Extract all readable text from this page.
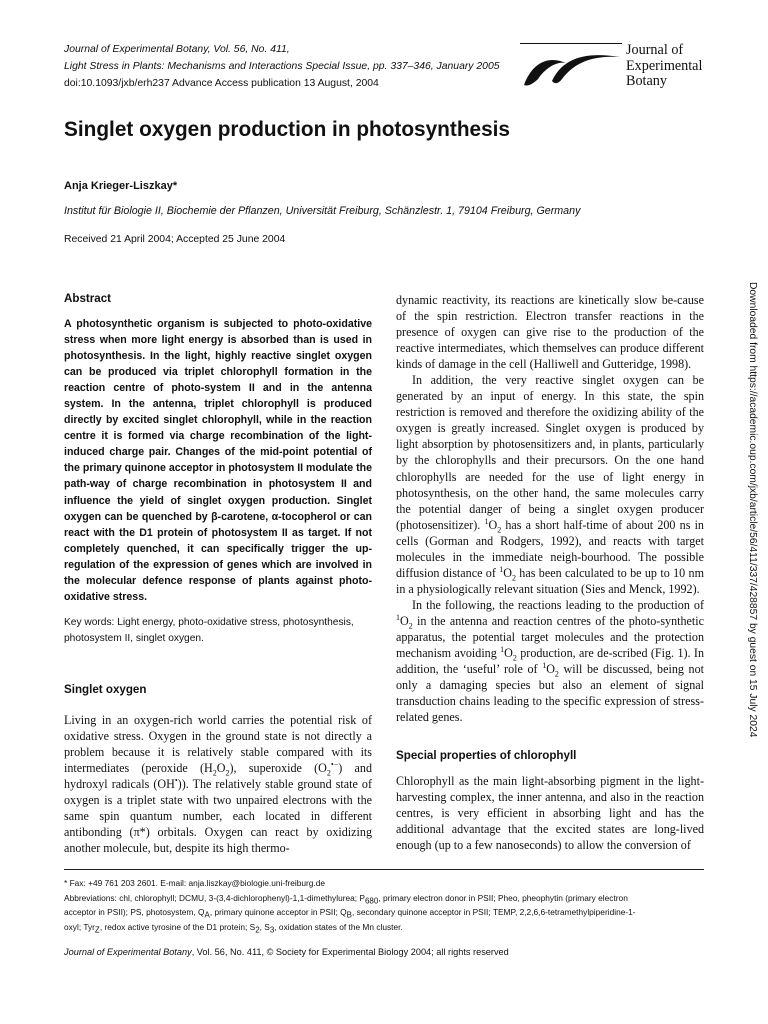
Journal of Experimental Botany, Vol. 56, No. 411,
Light Stress in Plants: Mechanisms and Interactions Special Issue, pp. 337–346, January 2005
doi:10.1093/jxb/erh237 Advance Access publication 13 August, 2004
Journal of
Experimental
Botany
Singlet oxygen production in photosynthesis
Anja Krieger-Liszkay*
Institut für Biologie II, Biochemie der Pflanzen, Universität Freiburg, Schänzlestr. 1, 79104 Freiburg, Germany
Received 21 April 2004; Accepted 25 June 2004
Abstract
A photosynthetic organism is subjected to photo-oxidative stress when more light energy is absorbed than is used in photosynthesis. In the light, highly reactive singlet oxygen can be produced via triplet chlorophyll formation in the reaction centre of photo-system II and in the antenna system. In the antenna, triplet chlorophyll is produced directly by excited singlet chlorophyll, while in the reaction centre it is formed via charge recombination of the light-induced charge pair. Changes of the mid-point potential of the primary quinone acceptor in photosystem II modulate the path-way of charge recombination in photosystem II and influence the yield of singlet oxygen production. Singlet oxygen can be quenched by β-carotene, α-tocopherol or can react with the D1 protein of photosystem II as target. If not completely quenched, it can specifically trigger the up-regulation of the expression of genes which are involved in the molecular defence response of plants against photo-oxidative stress.
Key words: Light energy, photo-oxidative stress, photosynthesis, photosystem II, singlet oxygen.
Singlet oxygen
Living in an oxygen-rich world carries the potential risk of oxidative stress. Oxygen in the ground state is not directly a problem because it is relatively stable compared with its intermediates (peroxide $(H_2O_2)$, superoxide $(O_2^{•-})$ and hydroxyl radicals (OH•)). The relatively stable ground state of oxygen is a triplet state with two unpaired electrons with the same spin quantum number, each located in different antibonding (π*) orbitals. Oxygen can react by oxidizing another molecule, but, despite its high thermo-
dynamic reactivity, its reactions are kinetically slow be-cause of the spin restriction. Electron transfer reactions in the presence of oxygen can give rise to the production of the reactive intermediates, which themselves can produce different kinds of damage in the cell (Halliwell and Gutteridge, 1998).
In addition, the very reactive singlet oxygen can be generated by an input of energy. In this state, the spin restriction is removed and therefore the oxidizing ability of the oxygen is greatly increased. Singlet oxygen is produced by light absorption by photosensitizers and, in plants, particularly by the chlorophylls and their precursors. On the one hand chlorophylls are needed for the use of light energy in photosynthesis, on the other hand, the same molecules carry the potential danger of being a singlet oxygen producer (photosensitizer). $^1O_2$ has a short half-time of about 200 ns in cells (Gorman and Rodgers, 1992), and reacts with target molecules in the immediate neigh-bourhood. The possible diffusion distance of $^1O_2$ has been calculated to be up to 10 nm in a physiologically relevant situation (Sies and Menck, 1992).
In the following, the reactions leading to the production of $^1O_2$ in the antenna and reaction centres of the photo-synthetic apparatus, the potential target molecules and the protection mechanism avoiding $^1O_2$ production, are de-scribed (Fig. 1). In addition, the ‘useful’ role of $^1O_2$ will be discussed, being not only a damaging species but also an element of signal transduction chains leading to the specific expression of stress-related genes.
Special properties of chlorophyll
Chlorophyll as the main light-absorbing pigment in the light-harvesting complex, the inner antenna, and also in the reaction centres, is very efficient in absorbing light and has the additional advantage that the excited states are long-lived enough (up to a few nanoseconds) to allow the conversion of
Downloaded from https://academic.oup.com/jxb/article/56/411/337/428857 by guest on 15 July 2024
* Fax: +49 761 203 2601. E-mail: anja.liszkay@biologie.uni-freiburg.de
Abbreviations: chl, chlorophyll; DCMU, 3-(3,4-dichlorophenyl)-1,1-dimethylurea; P680, primary electron donor in PSII; Pheo, pheophytin (primary electron
acceptor in PSII); PS, photosystem, QA, primary quinone acceptor in PSII; QB, secondary quinone acceptor in PSII; TEMP, 2,2,6,6-tetramethylpiperidine-1-
oxyl; TyrZ, redox active tyrosine of the D1 protein; S2, S3, oxidation states of the Mn cluster.
Journal of Experimental Botany, Vol. 56, No. 411, © Society for Experimental Biology 2004; all rights reserved
